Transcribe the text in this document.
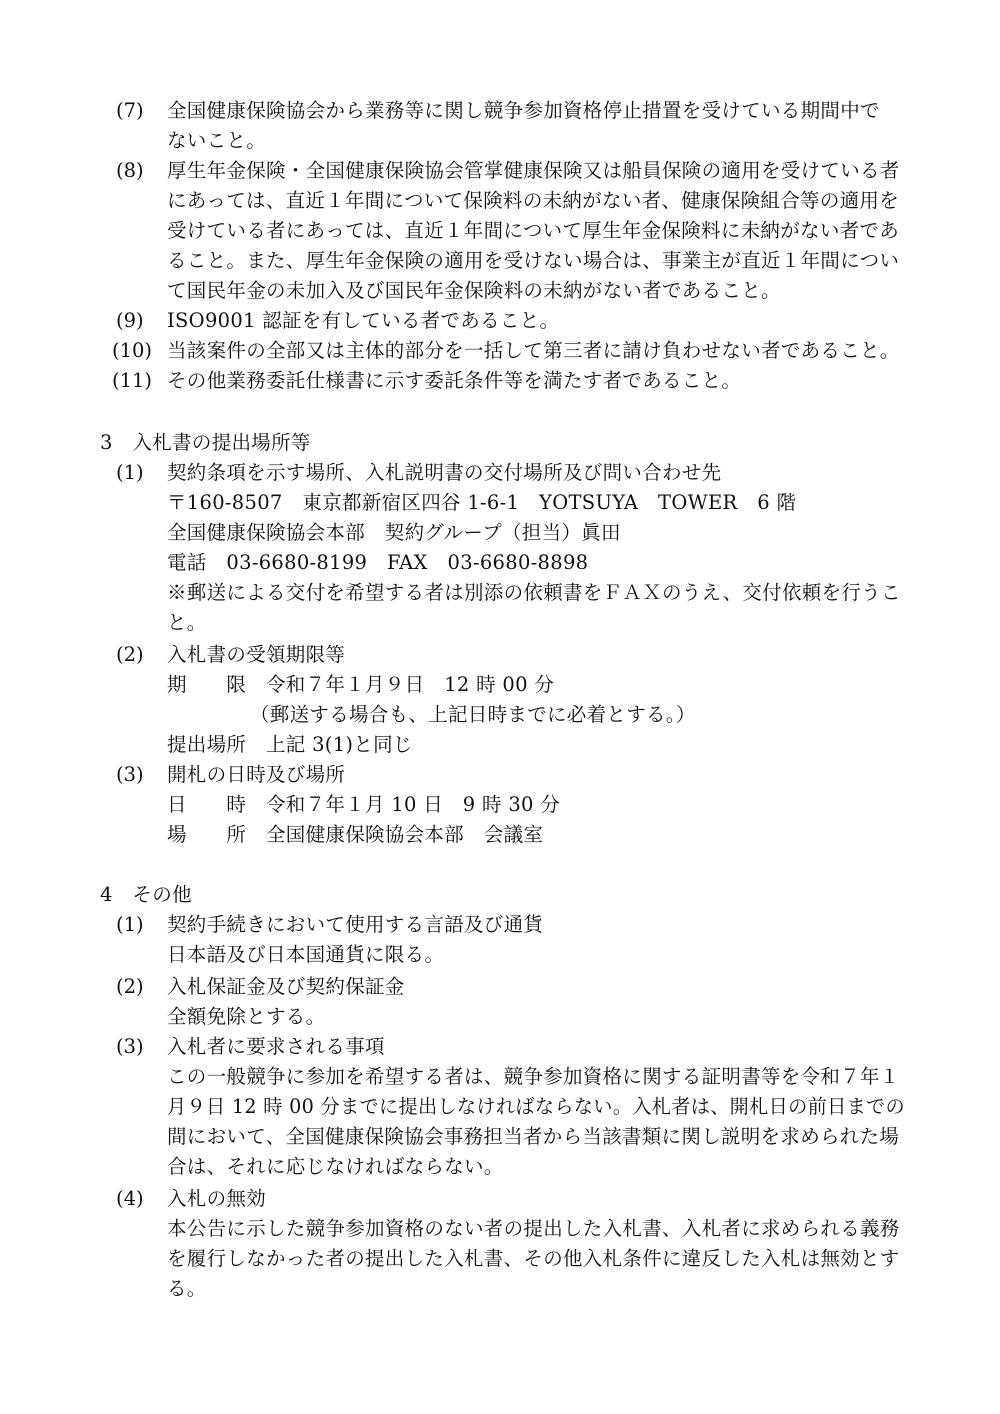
(7) 全国健康保険協会から業務等に関し競争参加資格停止措置を受けている期間中で
ないこと。
(8) 厚生年金保険・全国健康保険協会管掌健康保険又は船員保険の適用を受けている者
にあっては、直近１年間について保険料の未納がない者、健康保険組合等の適用を
受けている者にあっては、直近１年間について厚生年金保険料に未納がない者であ
ること。また、厚生年金保険の適用を受けない場合は、事業主が直近１年間につい
て国民年金の未加入及び国民年金保険料の未納がない者であること。
(9) ISO9001 認証を有している者であること。
(10) 当該案件の全部又は主体的部分を一括して第三者に請け負わせない者であること。
(11) その他業務委託仕様書に示す委託条件等を満たす者であること。
3　入札書の提出場所等
(1) 契約条項を示す場所、入札説明書の交付場所及び問い合わせ先
〒160-8507　東京都新宿区四谷 1-6-1　YOTSUYA　TOWER　6 階
全国健康保険協会本部　契約グループ（担当）眞田
電話　03-6680-8199　FAX　03-6680-8898
※郵送による交付を希望する者は別添の依頼書をＦＡＸのうえ、交付依頼を行うこ
と。
(2) 入札書の受領期限等
期　　限　令和７年１月９日　12 時 00 分
（郵送する場合も、上記日時までに必着とする。）
提出場所　上記 3(1)と同じ
(3) 開札の日時及び場所
日　　時　令和７年１月 10 日　9 時 30 分
場　　所　全国健康保険協会本部　会議室
4　その他
(1) 契約手続きにおいて使用する言語及び通貨
日本語及び日本国通貨に限る。
(2) 入札保証金及び契約保証金
全額免除とする。
(3) 入札者に要求される事項
この一般競争に参加を希望する者は、競争参加資格に関する証明書等を令和７年１
月９日 12 時 00 分までに提出しなければならない。入札者は、開札日の前日までの
間において、全国健康保険協会事務担当者から当該書類に関し説明を求められた場
合は、それに応じなければならない。
(4) 入札の無効
本公告に示した競争参加資格のない者の提出した入札書、入札者に求められる義務
を履行しなかった者の提出した入札書、その他入札条件に違反した入札は無効とす
る。
